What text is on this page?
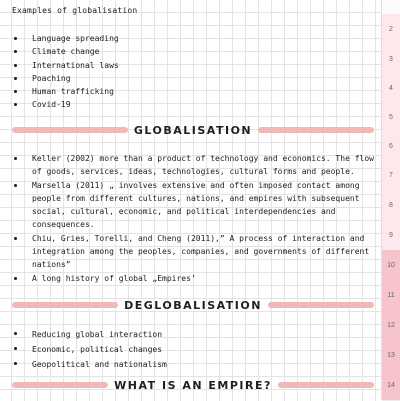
Examples of globalisation
Language spreading
Climate change
International laws
Poaching
Human trafficking
Covid-19
GLOBALISATION
Keller (2002) more than a product of technology and economics. The flow
of goods, services, ideas, technologies, cultural forms and people.
Marsella (2011) „ involves extensive and often imposed contact among
people from different cultures, nations, and empires with subsequent
social, cultural, economic, and political interdependencies and
consequences.
Chiu, Gries, Torelli, and Cheng (2011),” A process of interaction and
integration among the peoples, companies, and governments of different
nations”
A long history of global „Empires’
DEGLOBALISATION
Reducing global interaction
Economic, political changes
Geopolitical and nationalism
WHAT IS AN EMPIRE?
2
3
4
5
6
7
8
9
10
11
12
13
14
